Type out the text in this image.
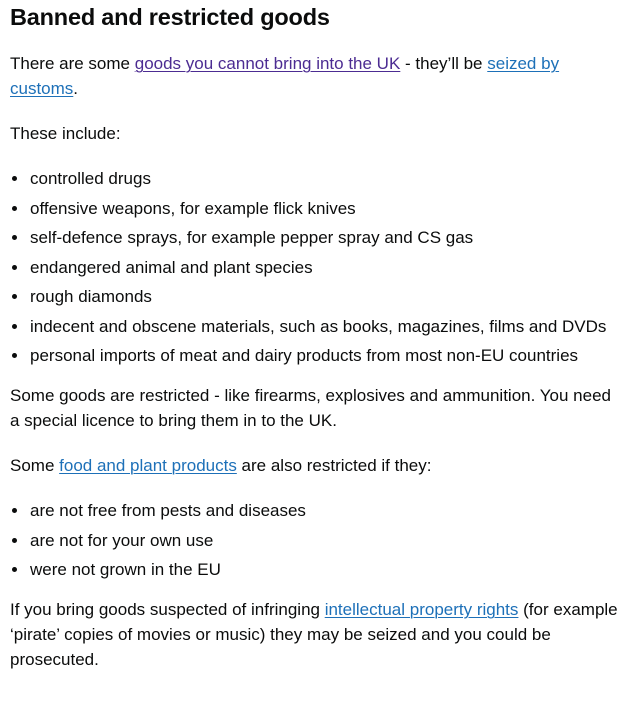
Banned and restricted goods

There are some goods you cannot bring into the UK - they’ll be seized by customs.

These include:

controlled drugs
offensive weapons, for example flick knives
self-defence sprays, for example pepper spray and CS gas
endangered animal and plant species
rough diamonds
indecent and obscene materials, such as books, magazines, films and DVDs
personal imports of meat and dairy products from most non-EU countries

Some goods are restricted - like firearms, explosives and ammunition. You need a special licence to bring them in to the UK.

Some food and plant products are also restricted if they:

are not free from pests and diseases
are not for your own use
were not grown in the EU

If you bring goods suspected of infringing intellectual property rights (for example ‘pirate’ copies of movies or music) they may be seized and you could be prosecuted.
